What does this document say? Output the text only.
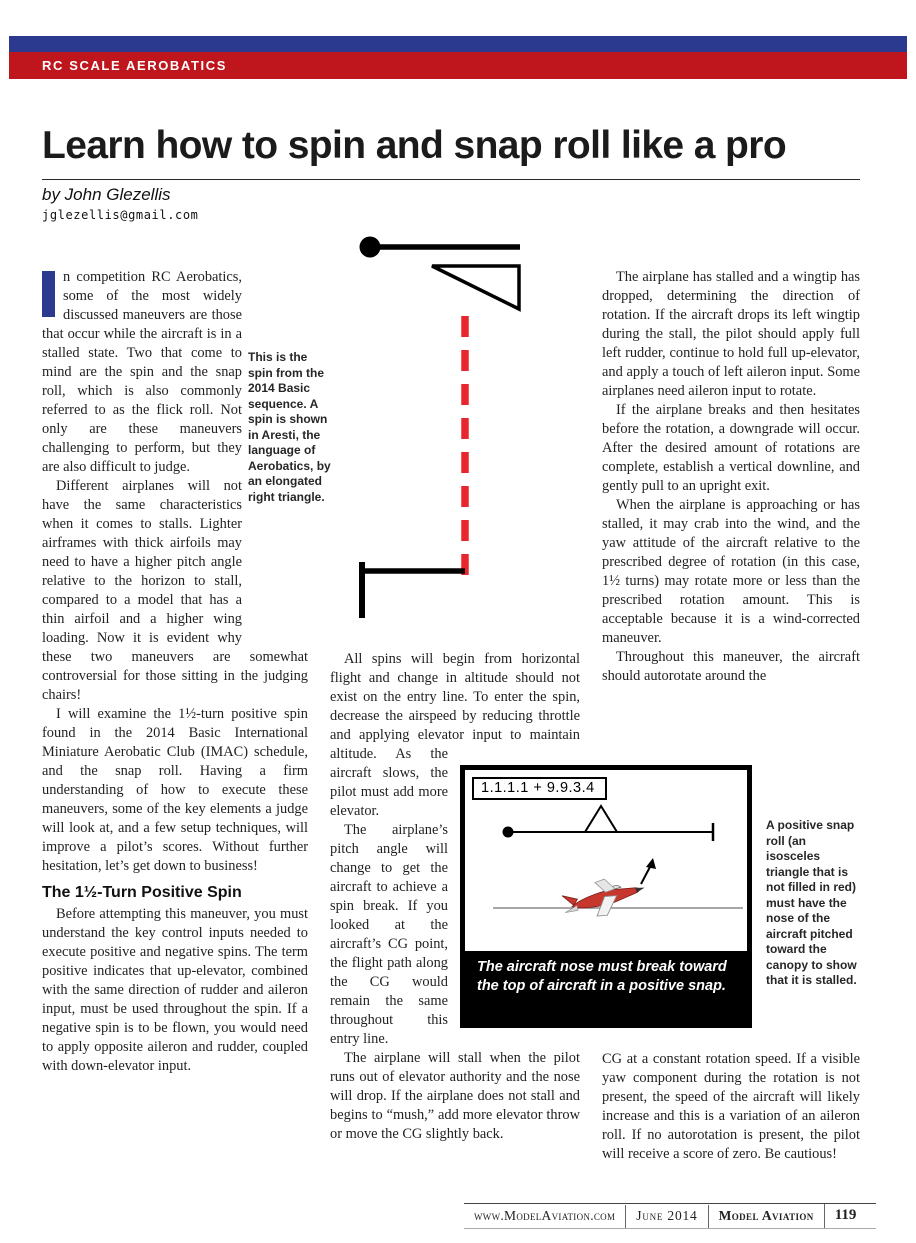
RC SCALE AEROBATICS
Learn how to spin and snap roll like a pro
by John Glezellis
jglezellis@gmail.com

n competition RC Aerobatics, some of the most widely discussed maneuvers are those that occur while the aircraft is in a stalled state. Two that come to mind are the spin and the snap roll, which is also commonly referred to as the flick roll. Not only are these maneuvers challenging to perform, but they are also difficult to judge.

Different airplanes will not have the same characteristics when it comes to stalls. Lighter airframes with thick airfoils may need to have a higher pitch angle relative to the horizon to stall, compared to a model that has a thin airfoil and a higher wing loading. Now it is evident why these two maneuvers are somewhat controversial for those sitting in the judging chairs!

I will examine the 1½-turn positive spin found in the 2014 Basic International Miniature Aerobatic Club (IMAC) schedule, and the snap roll. Having a firm understanding of how to execute these maneuvers, some of the key elements a judge will look at, and a few setup techniques, will improve a pilot’s scores. Without further hesitation, let’s get down to business!

The 1½-Turn Positive Spin

Before attempting this maneuver, you must understand the key control inputs needed to execute positive and negative spins. The term positive indicates that up-elevator, combined with the same direction of rudder and aileron input, must be used throughout the spin. If a negative spin is to be flown, you would need to apply opposite aileron and rudder, coupled with down-elevator input.

This is the spin from the 2014 Basic sequence. A spin is shown in Aresti, the language of Aerobatics, by an elongated right triangle.

All spins will begin from horizontal flight and change in altitude should not exist on the entry line. To enter the spin, decrease the airspeed by reducing throttle and applying elevator input to maintain altitude. As the aircraft slows, the pilot must add more elevator.

The airplane’s pitch angle will change to get the aircraft to achieve a spin break. If you looked at the aircraft’s CG point, the flight path along the CG would remain the same throughout this entry line.

The airplane will stall when the pilot runs out of elevator authority and the nose will drop. If the airplane does not stall and begins to “mush,” add more elevator throw or move the CG slightly back.

1.1.1.1 + 9.9.3.4
The aircraft nose must break toward the top of aircraft in a positive snap.
A positive snap roll (an isosceles triangle that is not filled in red) must have the nose of the aircraft pitched toward the canopy to show that it is stalled.

The airplane has stalled and a wingtip has dropped, determining the direction of rotation. If the aircraft drops its left wingtip during the stall, the pilot should apply full left rudder, continue to hold full up-elevator, and apply a touch of left aileron input. Some airplanes need aileron input to rotate.

If the airplane breaks and then hesitates before the rotation, a downgrade will occur. After the desired amount of rotations are complete, establish a vertical downline, and gently pull to an upright exit.

When the airplane is approaching or has stalled, it may crab into the wind, and the yaw attitude of the aircraft relative to the prescribed degree of rotation (in this case, 1½ turns) may rotate more or less than the prescribed rotation amount. This is acceptable because it is a wind-corrected maneuver.

Throughout this maneuver, the aircraft should autorotate around the

CG at a constant rotation speed. If a visible yaw component during the rotation is not present, the speed of the aircraft will likely increase and this is a variation of an aileron roll. If no autorotation is present, the pilot will receive a score of zero. Be cautious!

www.ModelAviation.com	June 2014	Model Aviation	119
